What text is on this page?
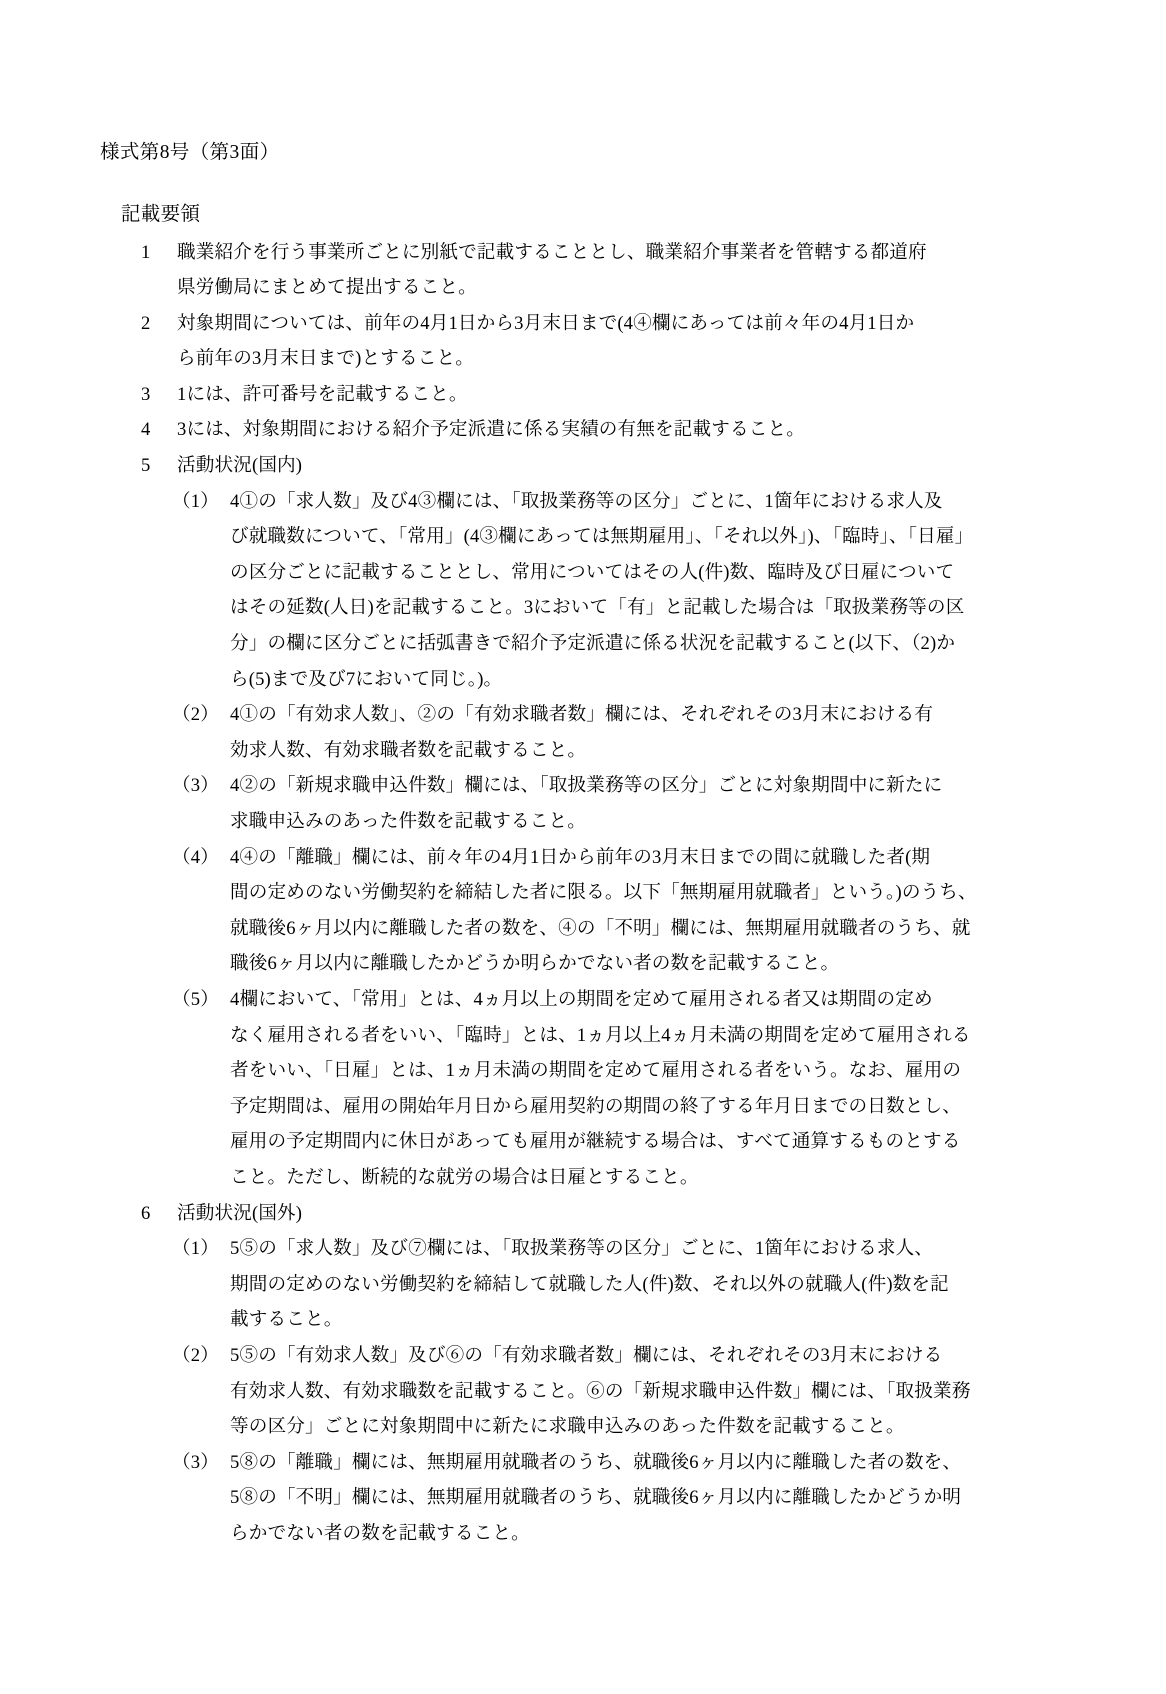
様式第8号（第3面）
記載要領
1	職業紹介を行う事業所ごとに別紙で記載することとし、職業紹介事業者を管轄する都道府
県労働局にまとめて提出すること。
2	対象期間については、前年の4月1日から3月末日まで(4④欄にあっては前々年の4月1日か
ら前年の3月末日まで)とすること。
3	1には、許可番号を記載すること。
4	3には、対象期間における紹介予定派遣に係る実績の有無を記載すること。
5	活動状況(国内)
（1） 4①の「求人数」及び4③欄には、「取扱業務等の区分」ごとに、1箇年における求人及
び就職数について、「常用」(4③欄にあっては無期雇用」、「それ以外」)、「臨時」、「日雇」
の区分ごとに記載することとし、常用についてはその人(件)数、臨時及び日雇について
はその延数(人日)を記載すること。3において「有」と記載した場合は「取扱業務等の区
分」の欄に区分ごとに括弧書きで紹介予定派遣に係る状況を記載すること(以下、（2)か
ら(5)まで及び7において同じ。)。
（2） 4①の「有効求人数」、②の「有効求職者数」欄には、それぞれその3月末における有
効求人数、有効求職者数を記載すること。
（3） 4②の「新規求職申込件数」欄には、「取扱業務等の区分」ごとに対象期間中に新たに
求職申込みのあった件数を記載すること。
（4） 4④の「離職」欄には、前々年の4月1日から前年の3月末日までの間に就職した者(期
間の定めのない労働契約を締結した者に限る。以下「無期雇用就職者」という。)のうち、
就職後6ヶ月以内に離職した者の数を、④の「不明」欄には、無期雇用就職者のうち、就
職後6ヶ月以内に離職したかどうか明らかでない者の数を記載すること。
（5） 4欄において、「常用」とは、4ヵ月以上の期間を定めて雇用される者又は期間の定め
なく雇用される者をいい、「臨時」とは、1ヵ月以上4ヵ月未満の期間を定めて雇用される
者をいい、「日雇」とは、1ヵ月未満の期間を定めて雇用される者をいう。なお、雇用の
予定期間は、雇用の開始年月日から雇用契約の期間の終了する年月日までの日数とし、
雇用の予定期間内に休日があっても雇用が継続する場合は、すべて通算するものとする
こと。ただし、断続的な就労の場合は日雇とすること。
6	活動状況(国外)
（1） 5⑤の「求人数」及び⑦欄には、「取扱業務等の区分」ごとに、1箇年における求人、
期間の定めのない労働契約を締結して就職した人(件)数、それ以外の就職人(件)数を記
載すること。
（2） 5⑤の「有効求人数」及び⑥の「有効求職者数」欄には、それぞれその3月末における
有効求人数、有効求職数を記載すること。⑥の「新規求職申込件数」欄には、「取扱業務
等の区分」ごとに対象期間中に新たに求職申込みのあった件数を記載すること。
（3） 5⑧の「離職」欄には、無期雇用就職者のうち、就職後6ヶ月以内に離職した者の数を、
5⑧の「不明」欄には、無期雇用就職者のうち、就職後6ヶ月以内に離職したかどうか明
らかでない者の数を記載すること。
